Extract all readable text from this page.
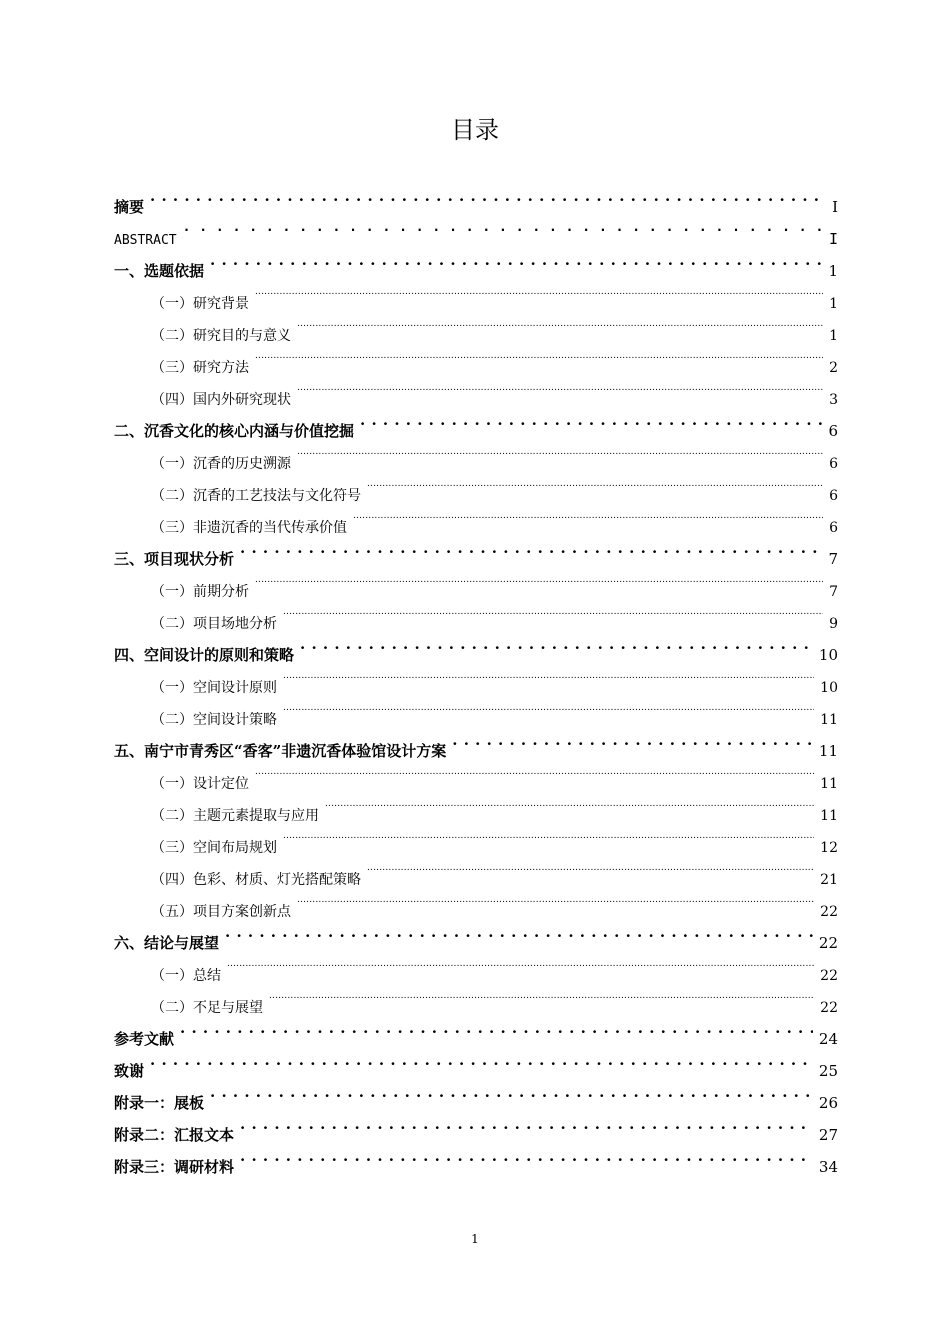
目录
摘要 . . .	I
ABSTRACT . . .	I
一、选题依据 . . .	1
（一）研究背景 .....	1
（二）研究目的与意义 .....	1
（三）研究方法 .....	2
（四）国内外研究现状 .....	3
二、沉香文化的核心内涵与价值挖掘 . . .	6
（一）沉香的历史溯源 .....	6
（二）沉香的工艺技法与文化符号 .....	6
（三）非遗沉香的当代传承价值 .....	6
三、项目现状分析 . . .	7
（一）前期分析 .....	7
（二）项目场地分析 .....	9
四、空间设计的原则和策略 . . .	10
（一）空间设计原则 .....	10
（二）空间设计策略 .....	11
五、南宁市青秀区“香客”非遗沉香体验馆设计方案 . . .	11
（一）设计定位 .....	11
（二）主题元素提取与应用 .....	11
（三）空间布局规划 .....	12
（四）色彩、材质、灯光搭配策略 .....	21
（五）项目方案创新点 .....	22
六、结论与展望 . . .	22
（一）总结 .....	22
（二）不足与展望 .....	22
参考文献 . . .	24
致谢 . . .	25
附录一：展板 . . .	26
附录二：汇报文本 . . .	27
附录三：调研材料 . . .	34
1
